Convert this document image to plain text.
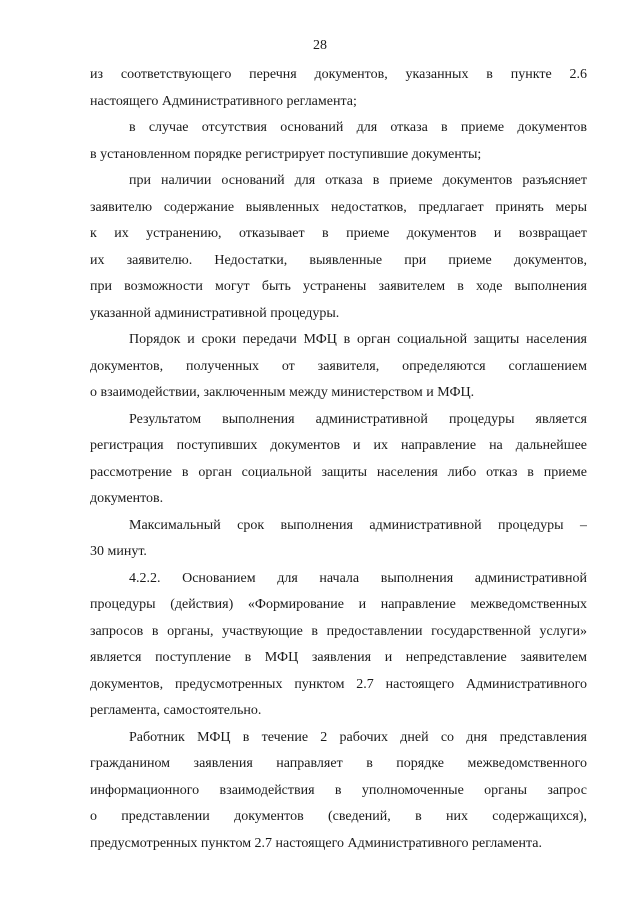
28
из соответствующего перечня документов, указанных в пункте 2.6
настоящего Административного регламента;
в случае отсутствия оснований для отказа в приеме документов
в установленном порядке регистрирует поступившие документы;
при наличии оснований для отказа в приеме документов разъясняет
заявителю содержание выявленных недостатков, предлагает принять меры
к их устранению, отказывает в приеме документов и возвращает
их заявителю. Недостатки, выявленные при приеме документов,
при возможности могут быть устранены заявителем в ходе выполнения
указанной административной процедуры.
Порядок и сроки передачи МФЦ в орган социальной защиты населения
документов, полученных от заявителя, определяются соглашением
о взаимодействии, заключенным между министерством и МФЦ.
Результатом выполнения административной процедуры является
регистрация поступивших документов и их направление на дальнейшее
рассмотрение в орган социальной защиты населения либо отказ в приеме
документов.
Максимальный срок выполнения административной процедуры –
30 минут.
4.2.2. Основанием для начала выполнения административной
процедуры (действия) «Формирование и направление межведомственных
запросов в органы, участвующие в предоставлении государственной услуги»
является поступление в МФЦ заявления и непредставление заявителем
документов, предусмотренных пунктом 2.7 настоящего Административного
регламента, самостоятельно.
Работник МФЦ в течение 2 рабочих дней со дня представления
гражданином заявления направляет в порядке межведомственного
информационного взаимодействия в уполномоченные органы запрос
о представлении документов (сведений, в них содержащихся),
предусмотренных пунктом 2.7 настоящего Административного регламента.
